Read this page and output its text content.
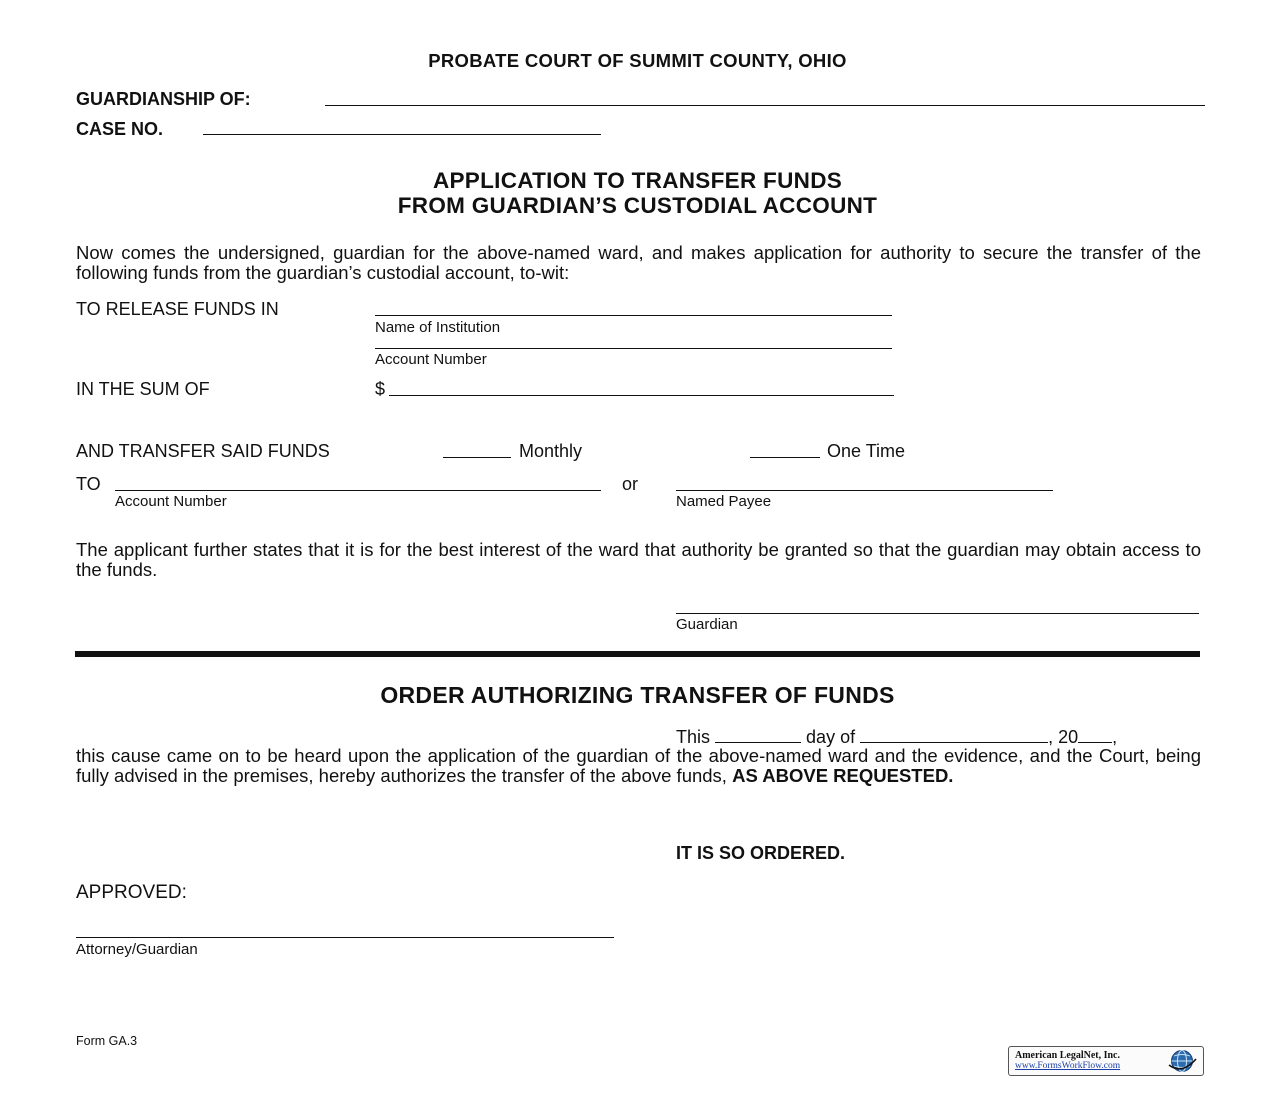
PROBATE COURT OF SUMMIT COUNTY, OHIO
GUARDIANSHIP OF:
CASE NO.
APPLICATION TO TRANSFER FUNDS
FROM GUARDIAN’S CUSTODIAL ACCOUNT
Now comes the undersigned, guardian for the above-named ward, and makes application for authority to secure the transfer of the following funds from the guardian’s custodial account, to-wit:
TO RELEASE FUNDS IN
Name of Institution
Account Number
IN THE SUM OF	$
AND TRANSFER SAID FUNDS	Monthly	One Time
TO
Account Number
or
Named Payee
The applicant further states that it is for the best interest of the ward that authority be granted so that the guardian may obtain access to the funds.
Guardian
ORDER AUTHORIZING TRANSFER OF FUNDS
This	day of	, 20 ,
this cause came on to be heard upon the application of the guardian of the above-named ward and the evidence, and the Court, being fully advised in the premises, hereby authorizes the transfer of the above funds, AS ABOVE REQUESTED.
IT IS SO ORDERED.
APPROVED:
Attorney/Guardian
Form GA.3
American LegalNet, Inc.
www.FormsWorkFlow.com
